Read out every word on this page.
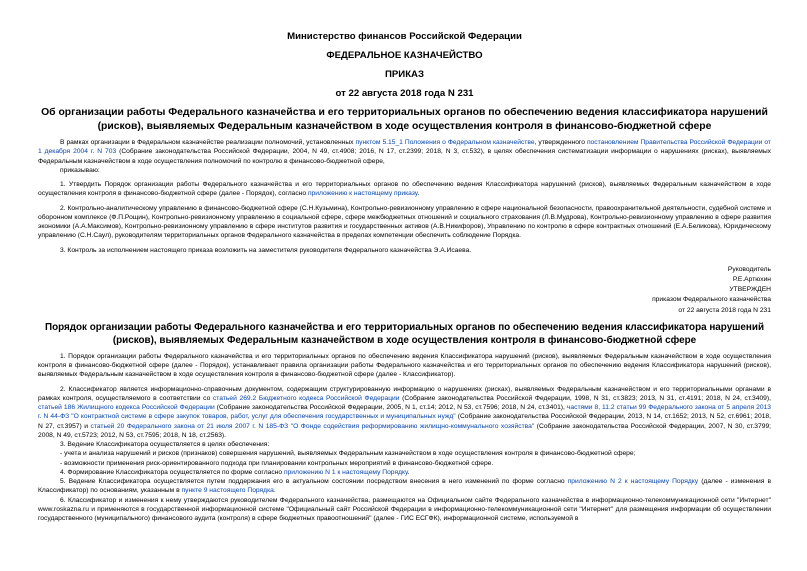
Министерство финансов Российской Федерации
ФЕДЕРАЛЬНОЕ КАЗНАЧЕЙСТВО
ПРИКАЗ
от 22 августа 2018 года N 231
Об организации работы Федерального казначейства и его территориальных органов по обеспечению ведения классификатора нарушений (рисков), выявляемых Федеральным казначейством в ходе осуществления контроля в финансово-бюджетной сфере

В рамках организации в Федеральном казначействе реализации полномочий, установленных пунктом 5.15_1 Положения о Федеральном казначействе, утвержденного постановлением Правительства Российской Федерации от 1 декабря 2004 г. N 703 (Собрание законодательства Российской Федерации, 2004, N 49, ст.4908; 2016, N 17, ст.2399; 2018, N 3, ст.532), в целях обеспечения систематизации информации о нарушениях (рисках), выявляемых Федеральным казначейством в ходе осуществления полномочий по контролю в финансово-бюджетной сфере,

приказываю:

1. Утвердить Порядок организации работы Федерального казначейства и его территориальных органов по обеспечению ведения Классификатора нарушений (рисков), выявляемых Федеральным казначейством в ходе осуществления контроля в финансово-бюджетной сфере (далее - Порядок), согласно приложению к настоящему приказу.

2. Контрольно-аналитическому управлению в финансово-бюджетной сфере (С.Н.Кузьмина), Контрольно-ревизионному управлению в сфере национальной безопасности, правоохранительной деятельности, судебной системе и оборонном комплексе (Ф.П.Рощин), Контрольно-ревизионному управлению в социальной сфере, сфере межбюджетных отношений и социального страхования (Л.В.Мудрова), Контрольно-ревизионному управлению в сфере развития экономики (А.А.Максимов), Контрольно-ревизионному управлению в сфере институтов развития и государственных активов (А.В.Никифоров), Управлению по контролю в сфере контрактных отношений (Е.А.Беликова), Юридическому управлению (С.Н.Саул), руководителям территориальных органов Федерального казначейства в пределах компетенции обеспечить соблюдение Порядка.

3. Контроль за исполнением настоящего приказа возложить на заместителя руководителя Федерального казначейства Э.А.Исаева.

Руководитель
Р.Е.Артюхин
УТВЕРЖДЕН
приказом Федерального казначейства
от 22 августа 2018 года N 231
Порядок организации работы Федерального казначейства и его территориальных органов по обеспечению ведения классификатора нарушений (рисков), выявляемых Федеральным казначейством в ходе осуществления контроля в финансово-бюджетной сфере

1. Порядок организации работы Федерального казначейства и его территориальных органов по обеспечению ведения Классификатора нарушений (рисков), выявляемых Федеральным казначейством в ходе осуществления контроля в финансово-бюджетной сфере (далее - Порядок), устанавливает правила организации работы Федерального казначейства и его территориальных органов по обеспечению ведения Классификатора нарушений (рисков), выявляемых Федеральным казначейством в ходе осуществления контроля в финансово-бюджетной сфере (далее - Классификатор).

2. Классификатор является информационно-справочным документом, содержащим структурированную информацию о нарушениях (рисках), выявляемых Федеральным казначейством и его территориальными органами в рамках контроля, осуществляемого в соответствии со статьей 269.2 Бюджетного кодекса Российской Федерации (Собрание законодательства Российской Федерации, 1998, N 31, ст.3823; 2013, N 31, ст.4191; 2018, N 24, ст.3409), статьей 186 Жилищного кодекса Российской Федерации (Собрание законодательства Российской Федерации, 2005, N 1, ст.14; 2012, N 53, ст.7596; 2018, N 24, ст.3401), частями 8, 11.2 статьи 99 Федерального закона от 5 апреля 2013 г. N 44-ФЗ "О контрактной системе в сфере закупок товаров, работ, услуг для обеспечения государственных и муниципальных нужд" (Собрание законодательства Российской Федерации, 2013, N 14, ст.1652; 2013, N 52, ст.6961; 2018, N 27, ст.3957) и статьей 20 Федерального закона от 21 июля 2007 г. N 185-ФЗ "О Фонде содействия реформированию жилищно-коммунального хозяйства" (Собрание законодательства Российской Федерации, 2007, N 30, ст.3799; 2008, N 49, ст.5723; 2012, N 53, ст.7595; 2018, N 18, ст.2563).

3. Ведение Классификатора осуществляется в целях обеспечения:

- учета и анализа нарушений и рисков (признаков) совершения нарушений, выявляемых Федеральным казначейством в ходе осуществления контроля в финансово-бюджетной сфере;

- возможности применения риск-ориентированного подхода при планировании контрольных мероприятий в финансово-бюджетной сфере.

4. Формирование Классификатора осуществляется по форме согласно приложению N 1 к настоящему Порядку.

5. Ведение Классификатора осуществляется путем поддержания его в актуальном состоянии посредством внесения в него изменений по форме согласно приложению N 2 к настоящему Порядку (далее - изменения в Классификатор) по основаниям, указанным в пункте 9 настоящего Порядка.

6. Классификатор и изменения к нему утверждаются руководителем Федерального казначейства, размещаются на Официальном сайте Федерального казначейства в информационно-телекоммуникационной сети "Интернет" www.roskazna.ru и применяются в государственной информационной системе "Официальный сайт Российской Федерации в информационно-телекоммуникационной сети "Интернет" для размещения информации об осуществлении государственного (муниципального) финансового аудита (контроля) в сфере бюджетных правоотношений" (далее - ГИС ЕСГФК), информационной системе, используемой в
